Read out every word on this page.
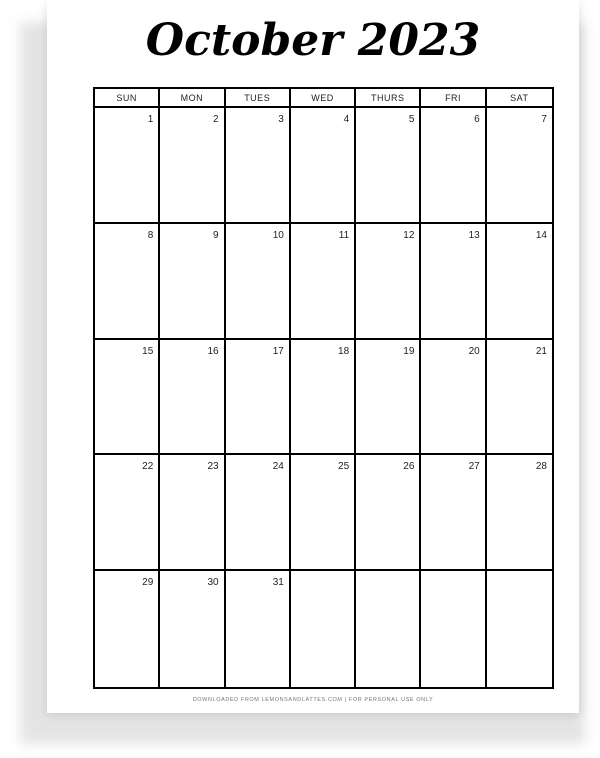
October 2023
SUN	MON	TUES	WED	THURS	FRI	SAT
1	2	3	4	5	6	7
8	9	10	11	12	13	14
15	16	17	18	19	20	21
22	23	24	25	26	27	28
29	30	31
DOWNLOADED FROM LEMONSANDLATTES.COM | FOR PERSONAL USE ONLY
